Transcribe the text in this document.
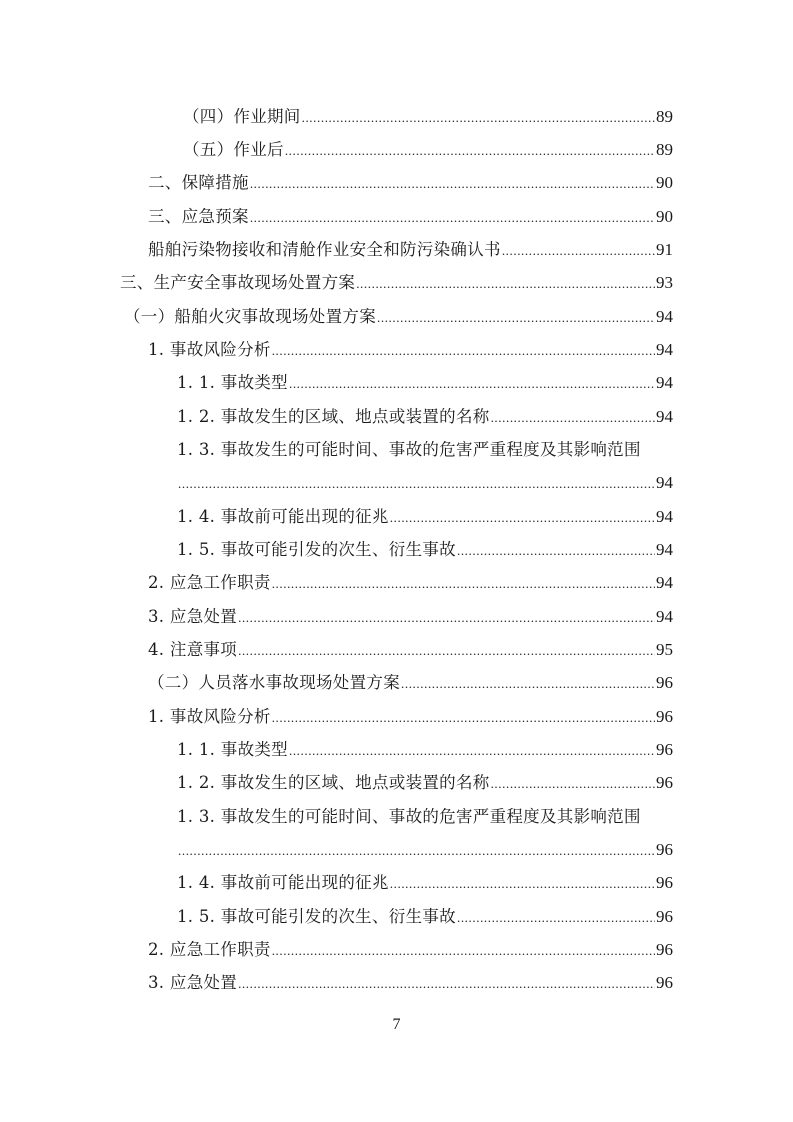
（四）作业期间 .....	89
（五）作业后 .....	89
二、保障措施 .....	90
三、应急预案 .....	90
船舶污染物接收和清舱作业安全和防污染确认书 .....	91
三、生产安全事故现场处置方案 .....	93
（一）船舶火灾事故现场处置方案 .....	94
1. 事故风险分析 .....	94
1. 1. 事故类型 .....	94
1. 2. 事故发生的区域、地点或装置的名称 .....	94
1. 3. 事故发生的可能时间、事故的危害严重程度及其影响范围
.....
94
1. 4. 事故前可能出现的征兆 .....	94
1. 5. 事故可能引发的次生、衍生事故 .....	94
2. 应急工作职责 .....	94
3. 应急处置 .....	94
4. 注意事项 .....	95
（二）人员落水事故现场处置方案 .....	96
1. 事故风险分析 .....	96
1. 1. 事故类型 .....	96
1. 2. 事故发生的区域、地点或装置的名称 .....	96
1. 3. 事故发生的可能时间、事故的危害严重程度及其影响范围
.....
96
1. 4. 事故前可能出现的征兆 .....	96
1. 5. 事故可能引发的次生、衍生事故 .....	96
2. 应急工作职责 .....	96
3. 应急处置 .....	96
7
